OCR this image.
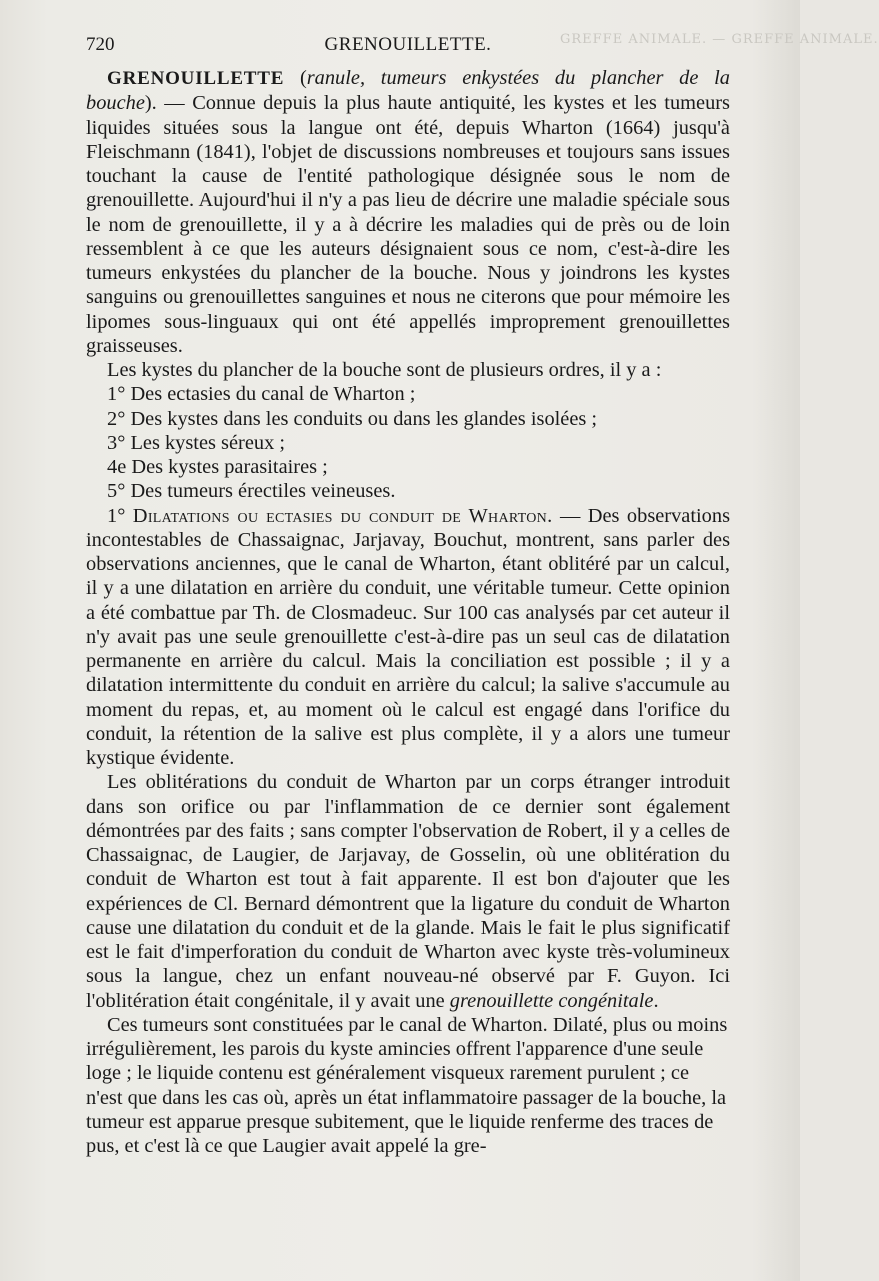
GREFFE ANIMALE. — GREFFE ANIMALE.
720	GRENOUILLETTE.

GRENOUILLETTE (ranule, tumeurs enkystées du plancher de la bouche). — Connue depuis la plus haute antiquité, les kystes et les tumeurs liquides situées sous la langue ont été, depuis Wharton (1664) jusqu'à Fleischmann (1841), l'objet de discussions nombreuses et toujours sans issues touchant la cause de l'entité pathologique désignée sous le nom de grenouillette. Aujourd'hui il n'y a pas lieu de décrire une maladie spéciale sous le nom de grenouillette, il y a à décrire les maladies qui de près ou de loin ressemblent à ce que les auteurs désignaient sous ce nom, c'est-à-dire les tumeurs enkystées du plancher de la bouche. Nous y joindrons les kystes sanguins ou grenouillettes sanguines et nous ne citerons que pour mémoire les lipomes sous-linguaux qui ont été appellés improprement grenouillettes graisseuses.

Les kystes du plancher de la bouche sont de plusieurs ordres, il y a :

1° Des ectasies du canal de Wharton ;

2° Des kystes dans les conduits ou dans les glandes isolées ;

3° Les kystes séreux ;

4e Des kystes parasitaires ;

5° Des tumeurs érectiles veineuses.

1° Dilatations ou ectasies du conduit de Wharton. — Des observations incontestables de Chassaignac, Jarjavay, Bouchut, montrent, sans parler des observations anciennes, que le canal de Wharton, étant oblitéré par un calcul, il y a une dilatation en arrière du conduit, une véritable tumeur. Cette opinion a été combattue par Th. de Closmadeuc. Sur 100 cas analysés par cet auteur il n'y avait pas une seule grenouillette c'est-à-dire pas un seul cas de dilatation permanente en arrière du calcul. Mais la conciliation est possible ; il y a dilatation intermittente du conduit en arrière du calcul; la salive s'accumule au moment du repas, et, au moment où le calcul est engagé dans l'orifice du conduit, la rétention de la salive est plus complète, il y a alors une tumeur kystique évidente.

Les oblitérations du conduit de Wharton par un corps étranger introduit dans son orifice ou par l'inflammation de ce dernier sont également démontrées par des faits ; sans compter l'observation de Robert, il y a celles de Chassaignac, de Laugier, de Jarjavay, de Gosselin, où une oblitération du conduit de Wharton est tout à fait apparente. Il est bon d'ajouter que les expériences de Cl. Bernard démontrent que la ligature du conduit de Wharton cause une dilatation du conduit et de la glande. Mais le fait le plus significatif est le fait d'imperforation du conduit de Wharton avec kyste très-volumineux sous la langue, chez un enfant nouveau-né observé par F. Guyon. Ici l'oblitération était congénitale, il y avait une grenouillette congénitale.

Ces tumeurs sont constituées par le canal de Wharton. Dilaté, plus ou moins irrégulièrement, les parois du kyste amincies offrent l'apparence d'une seule loge ; le liquide contenu est généralement visqueux rarement purulent ; ce n'est que dans les cas où, après un état inflammatoire passager de la bouche, la tumeur est apparue presque subitement, que le liquide renferme des traces de pus, et c'est là ce que Laugier avait appelé la gre-
